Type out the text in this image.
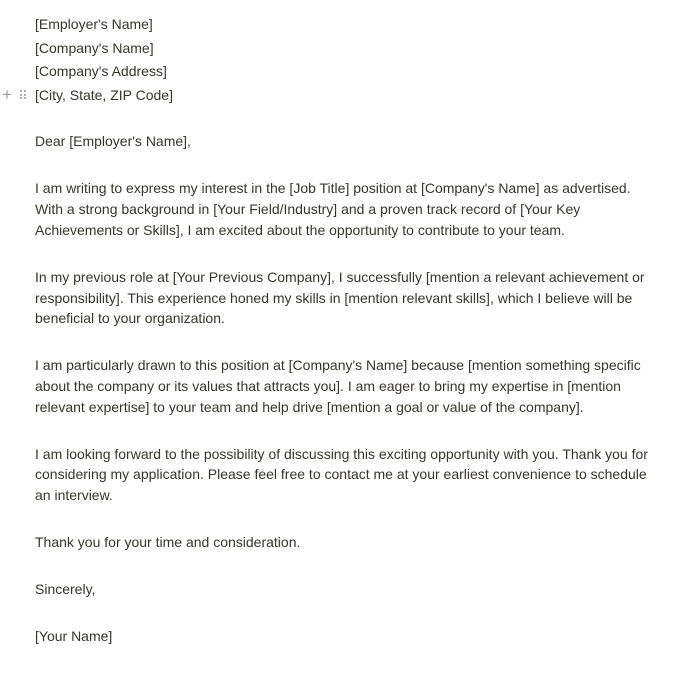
[Employer's Name]
[Company's Name]
[Company's Address]
+ [City, State, ZIP Code]
Dear [Employer's Name],
I am writing to express my interest in the [Job Title] position at [Company's Name] as advertised. With a strong background in [Your Field/Industry] and a proven track record of [Your Key Achievements or Skills], I am excited about the opportunity to contribute to your team.
In my previous role at [Your Previous Company], I successfully [mention a relevant achievement or responsibility]. This experience honed my skills in [mention relevant skills], which I believe will be beneficial to your organization.
I am particularly drawn to this position at [Company's Name] because [mention something specific about the company or its values that attracts you]. I am eager to bring my expertise in [mention relevant expertise] to your team and help drive [mention a goal or value of the company].
I am looking forward to the possibility of discussing this exciting opportunity with you. Thank you for considering my application. Please feel free to contact me at your earliest convenience to schedule an interview.
Thank you for your time and consideration.
Sincerely,
[Your Name]
